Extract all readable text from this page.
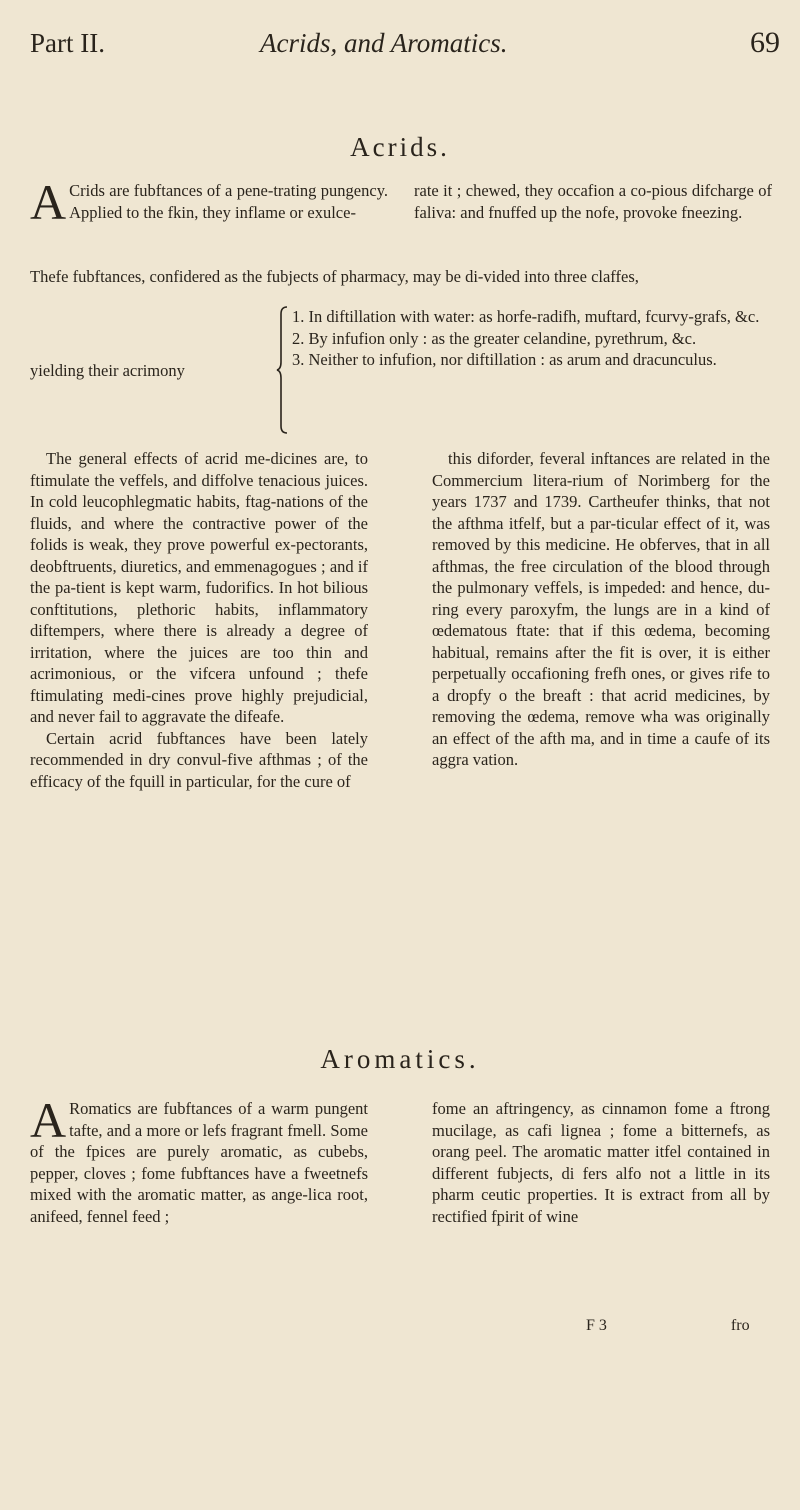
Part II.	Acrids, and Aromatics.	69
Acrids.
A Crids are fubftances of a pene-trating pungency. Applied to the fkin, they inflame or exulce-
rate it ; chewed, they occafion a co-pious difcharge of faliva: and fnuffed up the nofe, provoke fneezing.
Thefe fubftances, confidered as the fubjects of pharmacy, may be di-vided into three claffes,
yielding their acrimony
1. In diftillation with water: as horfe-radifh, muftard, fcurvy-grafs, &c.
2. By infufion only : as the greater celandine, pyrethrum, &c.
3. Neither to infufion, nor diftillation : as arum and dracunculus.

The general effects of acrid me-dicines are, to ftimulate the veffels, and diffolve tenacious juices. In cold leucophlegmatic habits, ftag-nations of the fluids, and where the contractive power of the folids is weak, they prove powerful ex-pectorants, deobftruents, diuretics, and emmenagogues ; and if the pa-tient is kept warm, fudorifics. In hot bilious conftitutions, plethoric habits, inflammatory diftempers, where there is already a degree of irritation, where the juices are too thin and acrimonious, or the vifcera unfound ; thefe ftimulating medi-cines prove highly prejudicial, and never fail to aggravate the difeafe.

Certain acrid fubftances have been lately recommended in dry convul-five afthmas ; of the efficacy of the fquill in particular, for the cure of

this diforder, feveral inftances are related in the Commercium litera-rium of Norimberg for the years 1737 and 1739. Cartheufer thinks, that not the afthma itfelf, but a par-ticular effect of it, was removed by this medicine. He obferves, that in all afthmas, the free circulation of the blood through the pulmonary veffels, is impeded: and hence, du-ring every paroxyfm, the lungs are in a kind of œdematous ftate: that if this œdema, becoming habitual, remains after the fit is over, it is either perpetually occafioning frefh ones, or gives rife to a dropfy o the breaft : that acrid medicines, by removing the œdema, remove wha was originally an effect of the afth ma, and in time a caufe of its aggra vation.

Aromatics.
A Romatics are fubftances of a warm pungent tafte, and a more or lefs fragrant fmell. Some of the fpices are purely aromatic, as cubebs, pepper, cloves ; fome fubftances have a fweetnefs mixed with the aromatic matter, as ange-lica root, anifeed, fennel feed ;
fome an aftringency, as cinnamon fome a ftrong mucilage, as cafi lignea ; fome a bitternefs, as orang peel. The aromatic matter itfel contained in different fubjects, di fers alfo not a little in its pharm ceutic properties. It is extract from all by rectified fpirit of wine
F 3	fro
